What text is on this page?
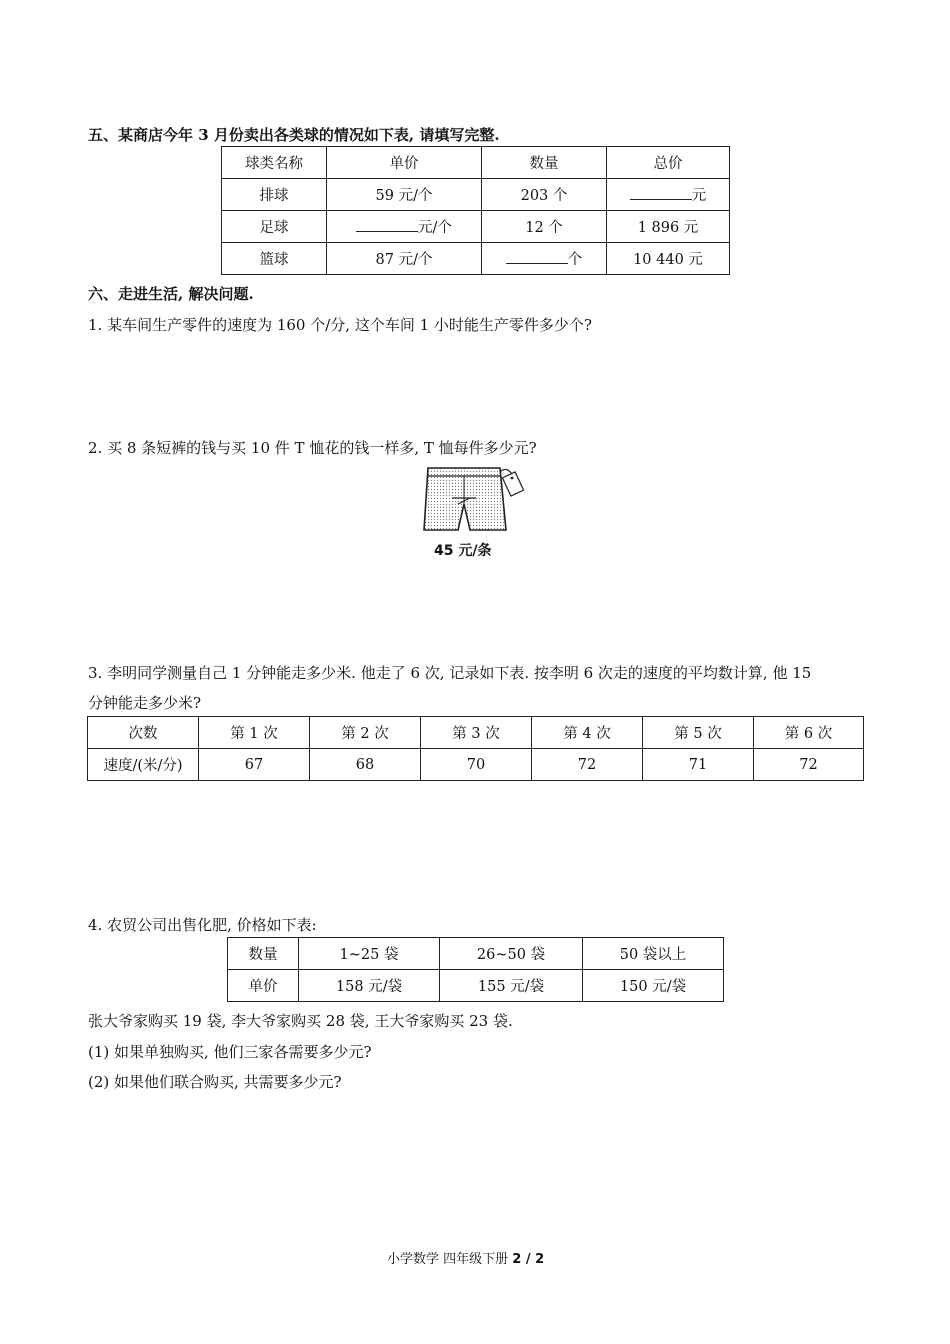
五、某商店今年 3 月份卖出各类球的情况如下表, 请填写完整.
球类名称	单价	数量	总价
排球	59 元/个	203 个	元
足球	元/个	12 个	1 896 元
篮球	87 元/个	个	10 440 元
六、走进生活, 解决问题.
1. 某车间生产零件的速度为 160 个/分, 这个车间 1 小时能生产零件多少个?
2. 买 8 条短裤的钱与买 10 件 T 恤花的钱一样多, T 恤每件多少元?
45 元/条
3. 李明同学测量自己 1 分钟能走多少米. 他走了 6 次, 记录如下表. 按李明 6 次走的速度的平均数计算, 他 15
分钟能走多少米?
次数	第 1 次	第 2 次	第 3 次	第 4 次	第 5 次	第 6 次
速度/(米/分)	67	68	70	72	71	72
4. 农贸公司出售化肥, 价格如下表:
数量	1~25 袋	26~50 袋	50 袋以上
单价	158 元/袋	155 元/袋	150 元/袋
张大爷家购买 19 袋, 李大爷家购买 28 袋, 王大爷家购买 23 袋.
(1) 如果单独购买, 他们三家各需要多少元?
(2) 如果他们联合购买, 共需要多少元?
小学数学 四年级下册 2 / 2
